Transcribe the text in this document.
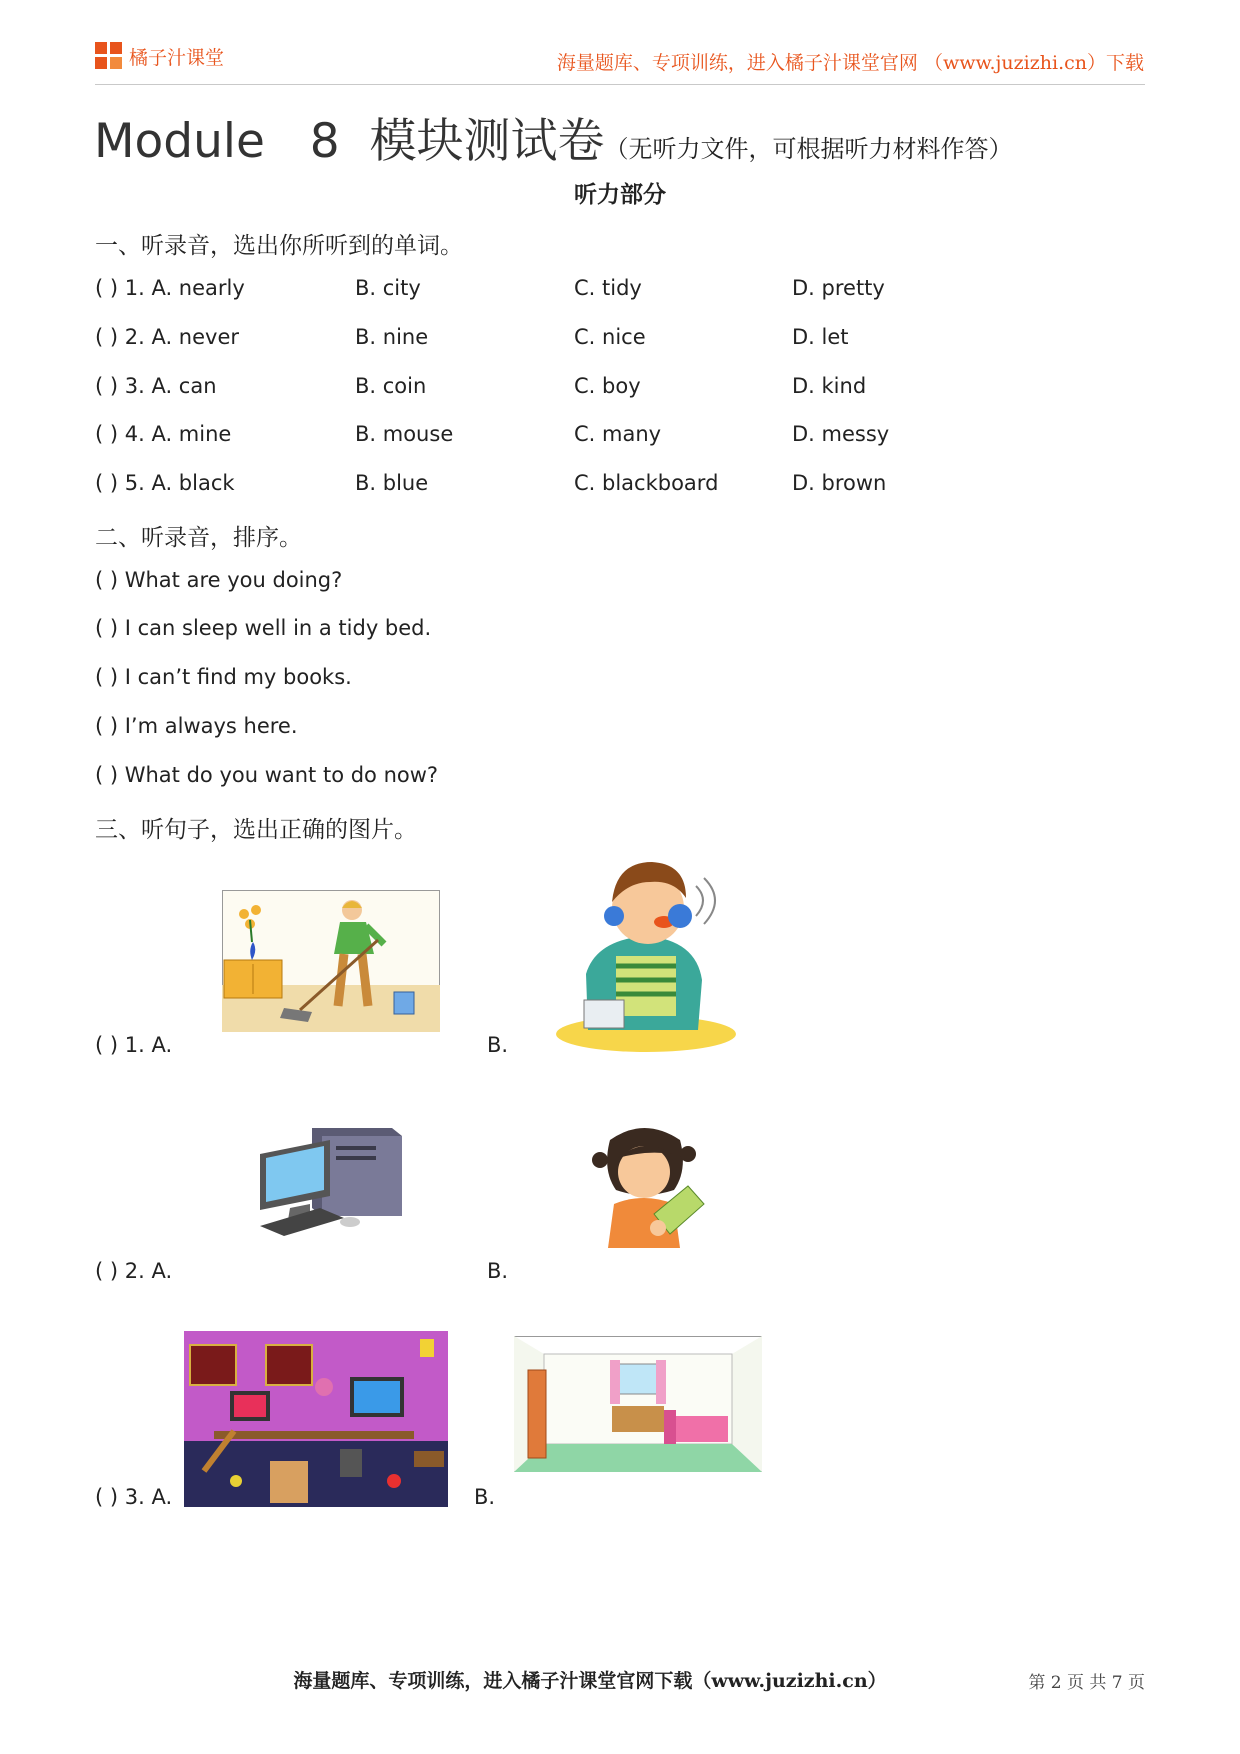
橘子汁课堂	海量题库、专项训练，进入橘子汁课堂官网 （www.juzizhi.cn）下载
Module   8  模块测试卷（无听力文件，可根据听力材料作答）
听力部分
一、听录音，选出你所听到的单词。
( ) 1. A. nearly	B. city	C. tidy	D. pretty
( ) 2. A. never	B. nine	C. nice	D. let
( ) 3. A. can	B. coin	C. boy	D. kind
( ) 4. A. mine	B. mouse	C. many	D. messy
( ) 5. A. black	B. blue	C. blackboard	D. brown
二、听录音，排序。
( ) What are you doing?
( ) I can sleep well in a tidy bed.
( ) I can’t find my books.
( ) I’m always here.
( ) What do you want to do now?
三、听句子，选出正确的图片。
( ) 1. A.	B.
( ) 2. A.	B.
( ) 3. A.	B.
海量题库、专项训练，进入橘子汁课堂官网下载（www.juzizhi.cn）	第 2 页 共 7 页
